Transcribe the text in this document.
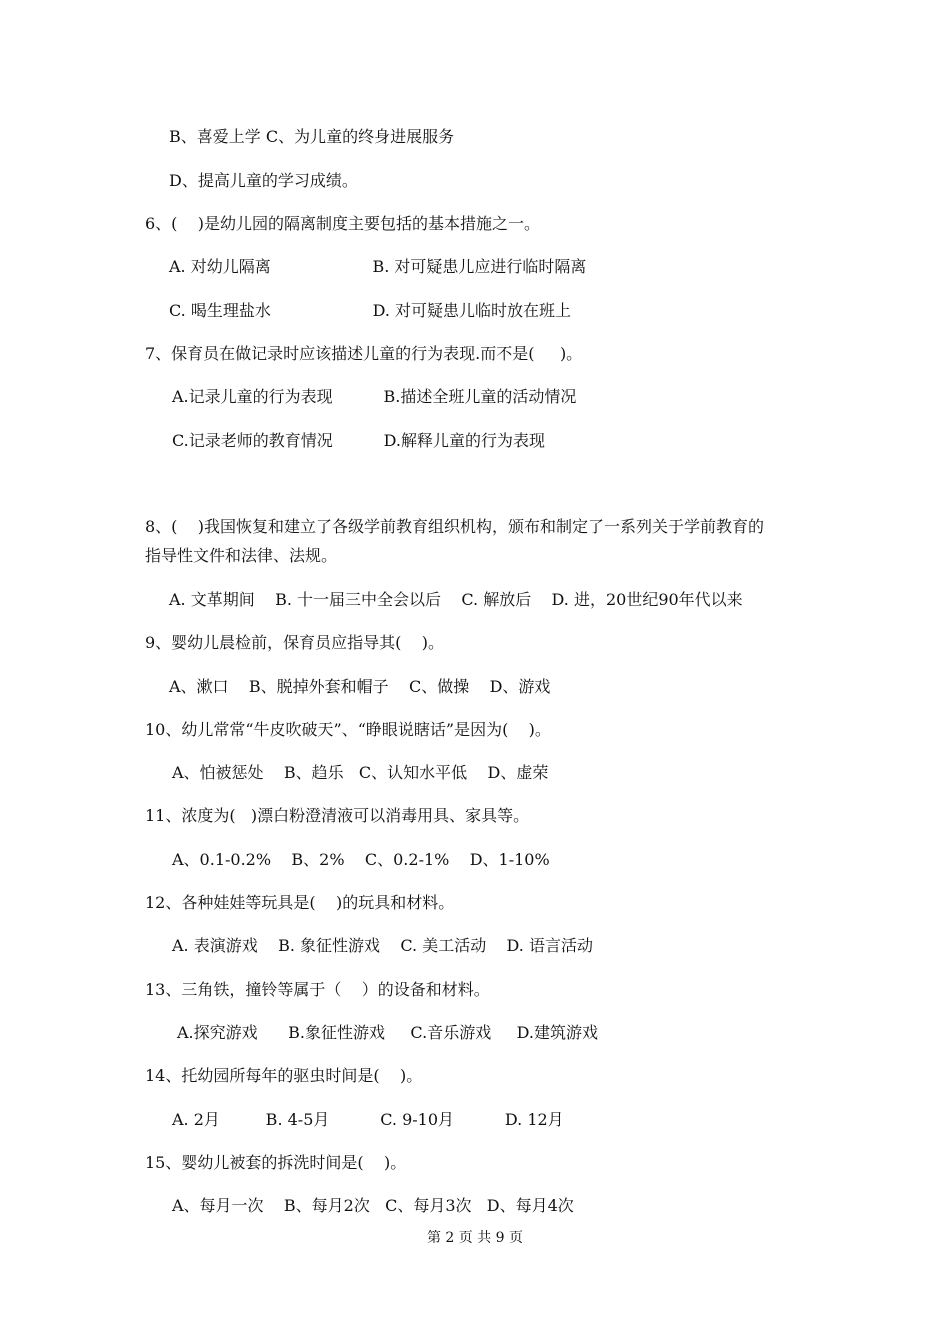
B、喜爱上学 C、为儿童的终身进展服务
D、提高儿童的学习成绩。
6、(    )是幼儿园的隔离制度主要包括的基本措施之一。
A. 对幼儿隔离                    B. 对可疑患儿应进行临时隔离
C. 喝生理盐水                    D. 对可疑患儿临时放在班上
7、保育员在做记录时应该描述儿童的行为表现.而不是(     )。
A.记录儿童的行为表现          B.描述全班儿童的活动情况
C.记录老师的教育情况          D.解释儿童的行为表现
8、(    )我国恢复和建立了各级学前教育组织机构，颁布和制定了一系列关于学前教育的
指导性文件和法律、法规。
A. 文革期间    B. 十一届三中全会以后    C. 解放后    D. 进，20世纪90年代以来
9、婴幼儿晨检前，保育员应指导其(    )。
A、漱口    B、脱掉外套和帽子    C、做操    D、游戏
10、幼儿常常“牛皮吹破天”、“睁眼说瞎话”是因为(    )。
A、怕被惩处    B、趋乐   C、认知水平低    D、虚荣
11、浓度为(   )漂白粉澄清液可以消毒用具、家具等。
A、0.1-0.2%    B、2%    C、0.2-1%    D、1-10%
12、各种娃娃等玩具是(    )的玩具和材料。
A. 表演游戏    B. 象征性游戏    C. 美工活动    D. 语言活动
13、三角铁，撞铃等属于（    ）的设备和材料。
A.探究游戏      B.象征性游戏     C.音乐游戏     D.建筑游戏
14、托幼园所每年的驱虫时间是(    )。
A. 2月         B. 4-5月          C. 9-10月          D. 12月
15、婴幼儿被套的拆洗时间是(    )。
A、每月一次    B、每月2次   C、每月3次   D、每月4次
第 2 页 共 9 页
